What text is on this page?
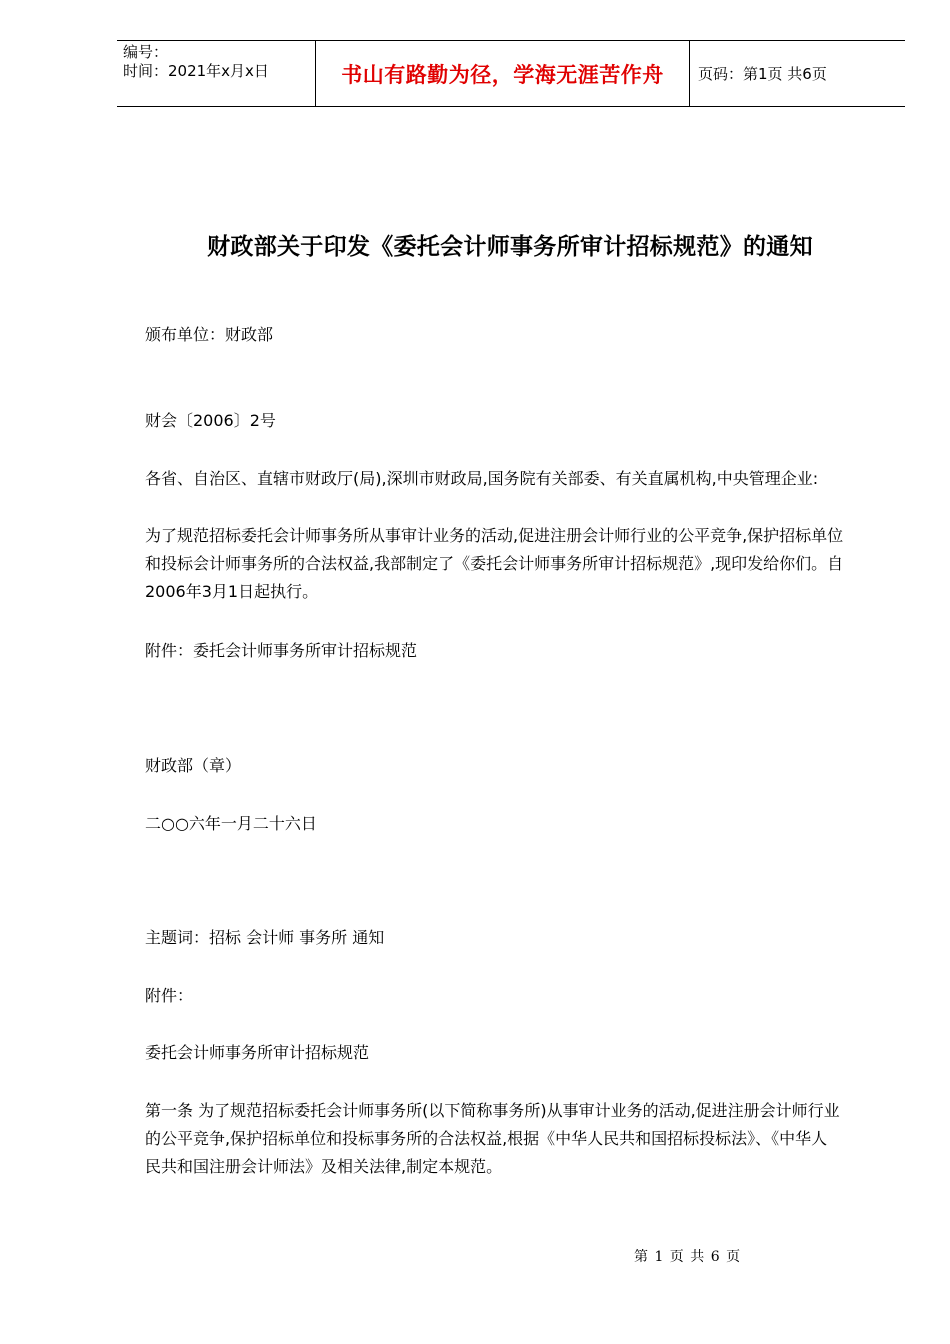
编号：
时间：2021年x月x日	书山有路勤为径，学海无涯苦作舟	页码：第1页 共6页
财政部关于印发《委托会计师事务所审计招标规范》的通知

颁布单位：财政部

财会〔2006〕2号

各省、自治区、直辖市财政厅(局),深圳市财政局,国务院有关部委、有关直属机构,中央管理企业:

为了规范招标委托会计师事务所从事审计业务的活动,促进注册会计师行业的公平竞争,保护招标单位
和投标会计师事务所的合法权益,我部制定了《委托会计师事务所审计招标规范》,现印发给你们。自
2006年3月1日起执行。

附件：委托会计师事务所审计招标规范

财政部（章）

二○○六年一月二十六日

主题词：招标 会计师 事务所 通知

附件：

委托会计师事务所审计招标规范

第一条 为了规范招标委托会计师事务所(以下简称事务所)从事审计业务的活动,促进注册会计师行业
的公平竞争,保护招标单位和投标事务所的合法权益,根据《中华人民共和国招标投标法》、《中华人
民共和国注册会计师法》及相关法律,制定本规范。
第 1 页 共 6 页
